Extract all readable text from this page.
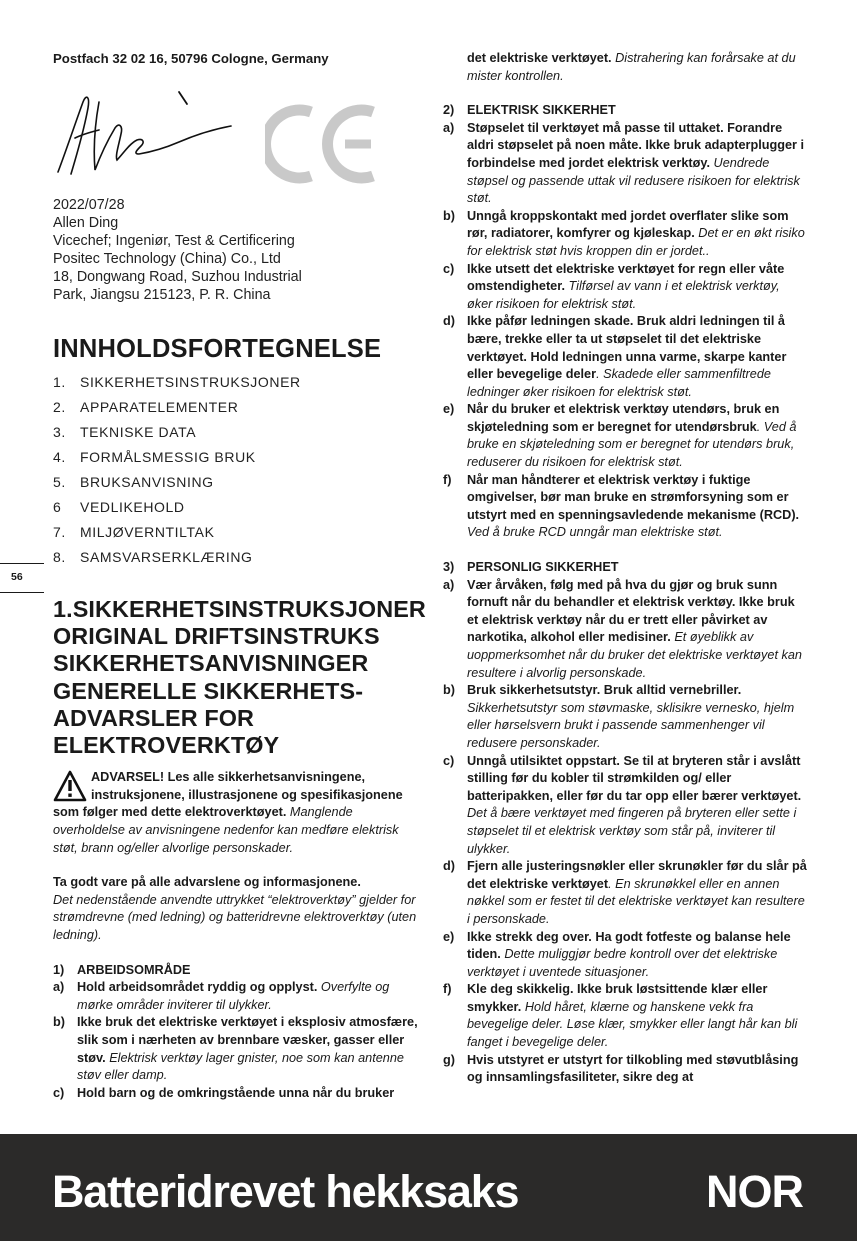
Postfach 32 02 16, 50796 Cologne, Germany
2022/07/28
Allen Ding
Vicechef; Ingeniør, Test & Certificering
Positec Technology (China) Co., Ltd
18, Dongwang Road, Suzhou Industrial
Park, Jiangsu 215123, P. R. China
INNHOLDSFORTEGNELSE
1.	SIKKERHETSINSTRUKSJONER
2.	APPARATELEMENTER
3.	TEKNISKE DATA
4.	FORMÅLSMESSIG BRUK
5.	BRUKSANVISNING
6	VEDLIKEHOLD
7.	MILJØVERNTILTAK
8.	SAMSVARSERKLÆRING
1.SIKKERHETSINSTRUKSJONER
ORIGINAL DRIFTSINSTRUKS
SIKKERHETSANVISNINGER
GENERELLE SIKKERHETS-
ADVARSLER FOR
ELEKTROVERKTØY
ADVARSEL! Les alle sikkerhetsanvisningene, instruksjonene, illustrasjonene og spesifikasjonene som følger med dette elektroverktøyet. Manglende overholdelse av anvisningene nedenfor kan medføre elektrisk støt, brann og/eller alvorlige personskader.
Ta godt vare på alle advarslene og informasjonene.
Det nedenstående anvendte uttrykket “elektroverktøy” gjelder for strømdrevne (med ledning) og batteridrevne elektroverktøy (uten ledning).
1)	ARBEIDSOMRÅDE
a)	Hold arbeidsområdet ryddig og opplyst. Overfylte og mørke områder inviterer til ulykker.
b) Ikke bruk det elektriske verktøyet i eksplosiv atmosfære, slik som i nærheten av brennbare væsker, gasser eller støv. Elektrisk verktøy lager gnister, noe som kan antenne støv eller damp.
c)	Hold barn og de omkringstående unna når du bruker
56
det elektriske verktøyet. Distrahering kan forårsake at du mister kontrollen.
2)	ELEKTRISK SIKKERHET
a)	Støpselet til verktøyet må passe til uttaket. Forandre aldri støpselet på noen måte. Ikke bruk adapterplugger i forbindelse med jordet elektrisk verktøy. Uendrede støpsel og passende uttak vil redusere risikoen for elektrisk støt.
b) Unngå kroppskontakt med jordet overflater slike som rør, radiatorer, komfyrer og kjøleskap. Det er en økt risiko for elektrisk støt hvis kroppen din er jordet..
c)	Ikke utsett det elektriske verktøyet for regn eller våte omstendigheter. Tilførsel av vann i et elektrisk verktøy, øker risikoen for elektrisk støt.
d) Ikke påfør ledningen skade. Bruk aldri ledningen til å bære, trekke eller ta ut støpselet til det elektriske verktøyet. Hold ledningen unna varme, skarpe kanter eller bevegelige deler. Skadede eller sammenfiltrede ledninger øker risikoen for elektrisk støt.
e)	Når du bruker et elektrisk verktøy utendørs, bruk en skjøteledning som er beregnet for utendørsbruk. Ved å bruke en skjøteledning som er beregnet for utendørs bruk, reduserer du risikoen for elektrisk støt.
f)	Når man håndterer et elektrisk verktøy i fuktige omgivelser, bør man bruke en strømforsyning som er utstyrt med en spenningsavledende mekanisme (RCD). Ved å bruke RCD unngår man elektriske støt.
3)	PERSONLIG SIKKERHET
a)	Vær årvåken, følg med på hva du gjør og bruk sunn fornuft når du behandler et elektrisk verktøy. Ikke bruk et elektrisk verktøy når du er trett eller påvirket av narkotika, alkohol eller medisiner. Et øyeblikk av uoppmerksomhet når du bruker det elektriske verktøyet kan resultere i alvorlig personskade.
b) Bruk sikkerhetsutstyr. Bruk alltid vernebriller. Sikkerhetsutstyr som støvmaske, sklisikre vernesko, hjelm eller hørselsvern brukt i passende sammenhenger vil redusere personskader.
c)	Unngå utilsiktet oppstart. Se til at bryteren står i avslått stilling før du kobler til strømkilden og/ eller batteripakken, eller før du tar opp eller bærer verktøyet. Det å bære verktøyet med fingeren på bryteren eller sette i støpselet til et elektrisk verktøy som står på, inviterer til ulykker.
d) Fjern alle justeringsnøkler eller skrunøkler før du slår på det elektriske verktøyet. En skrunøkkel eller en annen nøkkel som er festet til det elektriske verktøyet kan resultere i personskade.
e)	Ikke strekk deg over. Ha godt fotfeste og balanse hele tiden. Dette muliggjør bedre kontroll over det elektriske verktøyet i uventede situasjoner.
f)	Kle deg skikkelig. Ikke bruk løstsittende klær eller smykker. Hold håret, klærne og hanskene vekk fra bevegelige deler. Løse klær, smykker eller langt hår kan bli fanget i bevegelige deler.
g) Hvis utstyret er utstyrt for tilkobling med støvutblåsing og innsamlingsfasiliteter, sikre deg at
Batteridrevet hekksaks	NOR
